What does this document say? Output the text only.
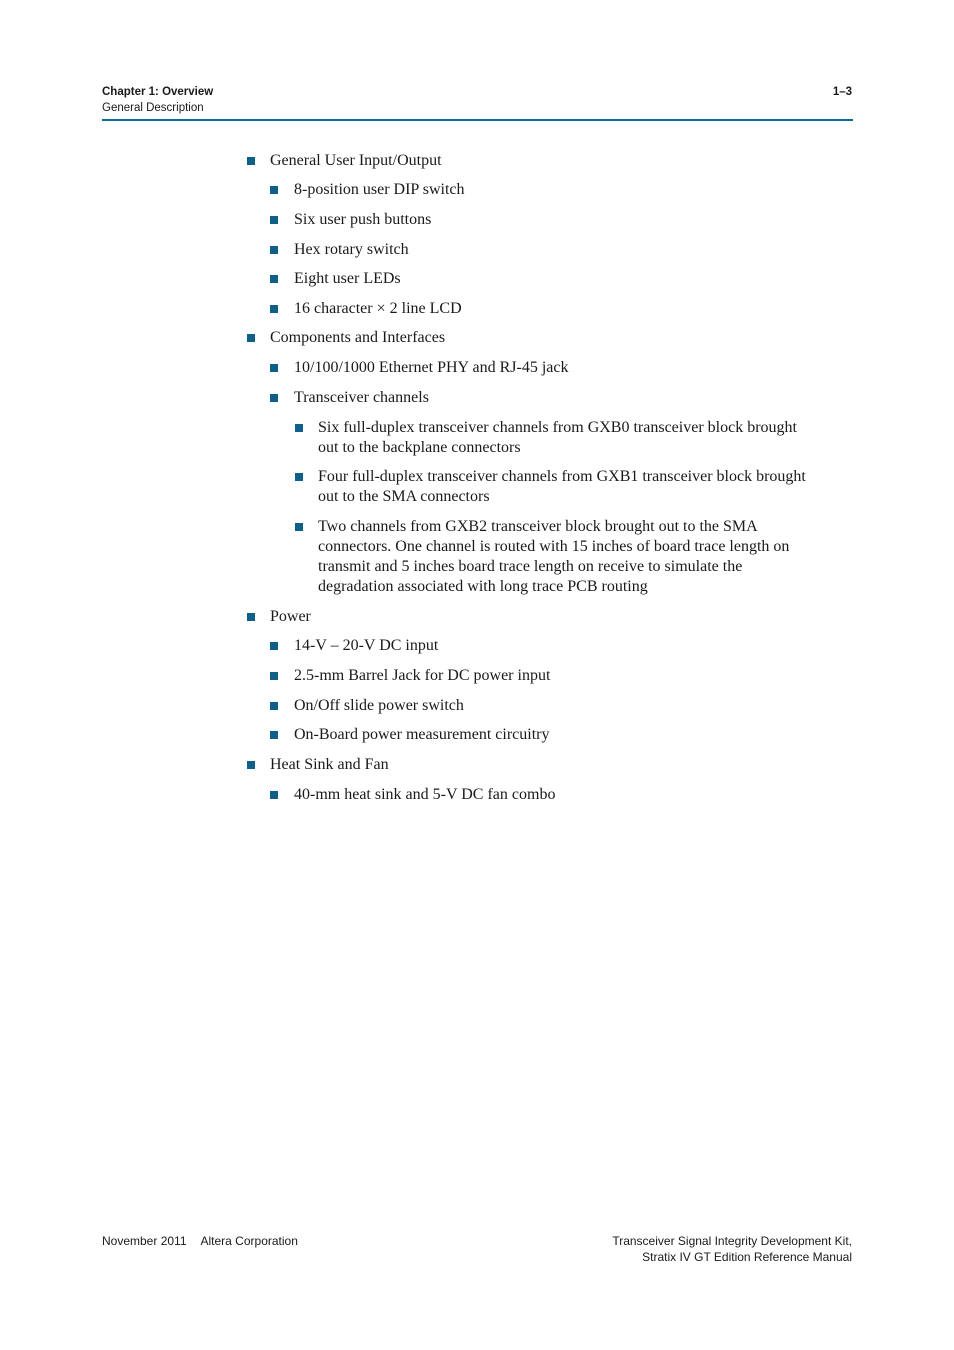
Chapter 1: Overview
General Description
1–3
General User Input/Output
8-position user DIP switch
Six user push buttons
Hex rotary switch
Eight user LEDs
16 character × 2 line LCD
Components and Interfaces
10/100/1000 Ethernet PHY and RJ-45 jack
Transceiver channels
Six full-duplex transceiver channels from GXB0 transceiver block brought
out to the backplane connectors
Four full-duplex transceiver channels from GXB1 transceiver block brought
out to the SMA connectors
Two channels from GXB2 transceiver block brought out to the SMA
connectors. One channel is routed with 15 inches of board trace length on
transmit and 5 inches board trace length on receive to simulate the
degradation associated with long trace PCB routing
Power
14-V – 20-V DC input
2.5-mm Barrel Jack for DC power input
On/Off slide power switch
On-Board power measurement circuitry
Heat Sink and Fan
40-mm heat sink and 5-V DC fan combo
November 2011 Altera Corporation	Transceiver Signal Integrity Development Kit,
Stratix IV GT Edition Reference Manual
